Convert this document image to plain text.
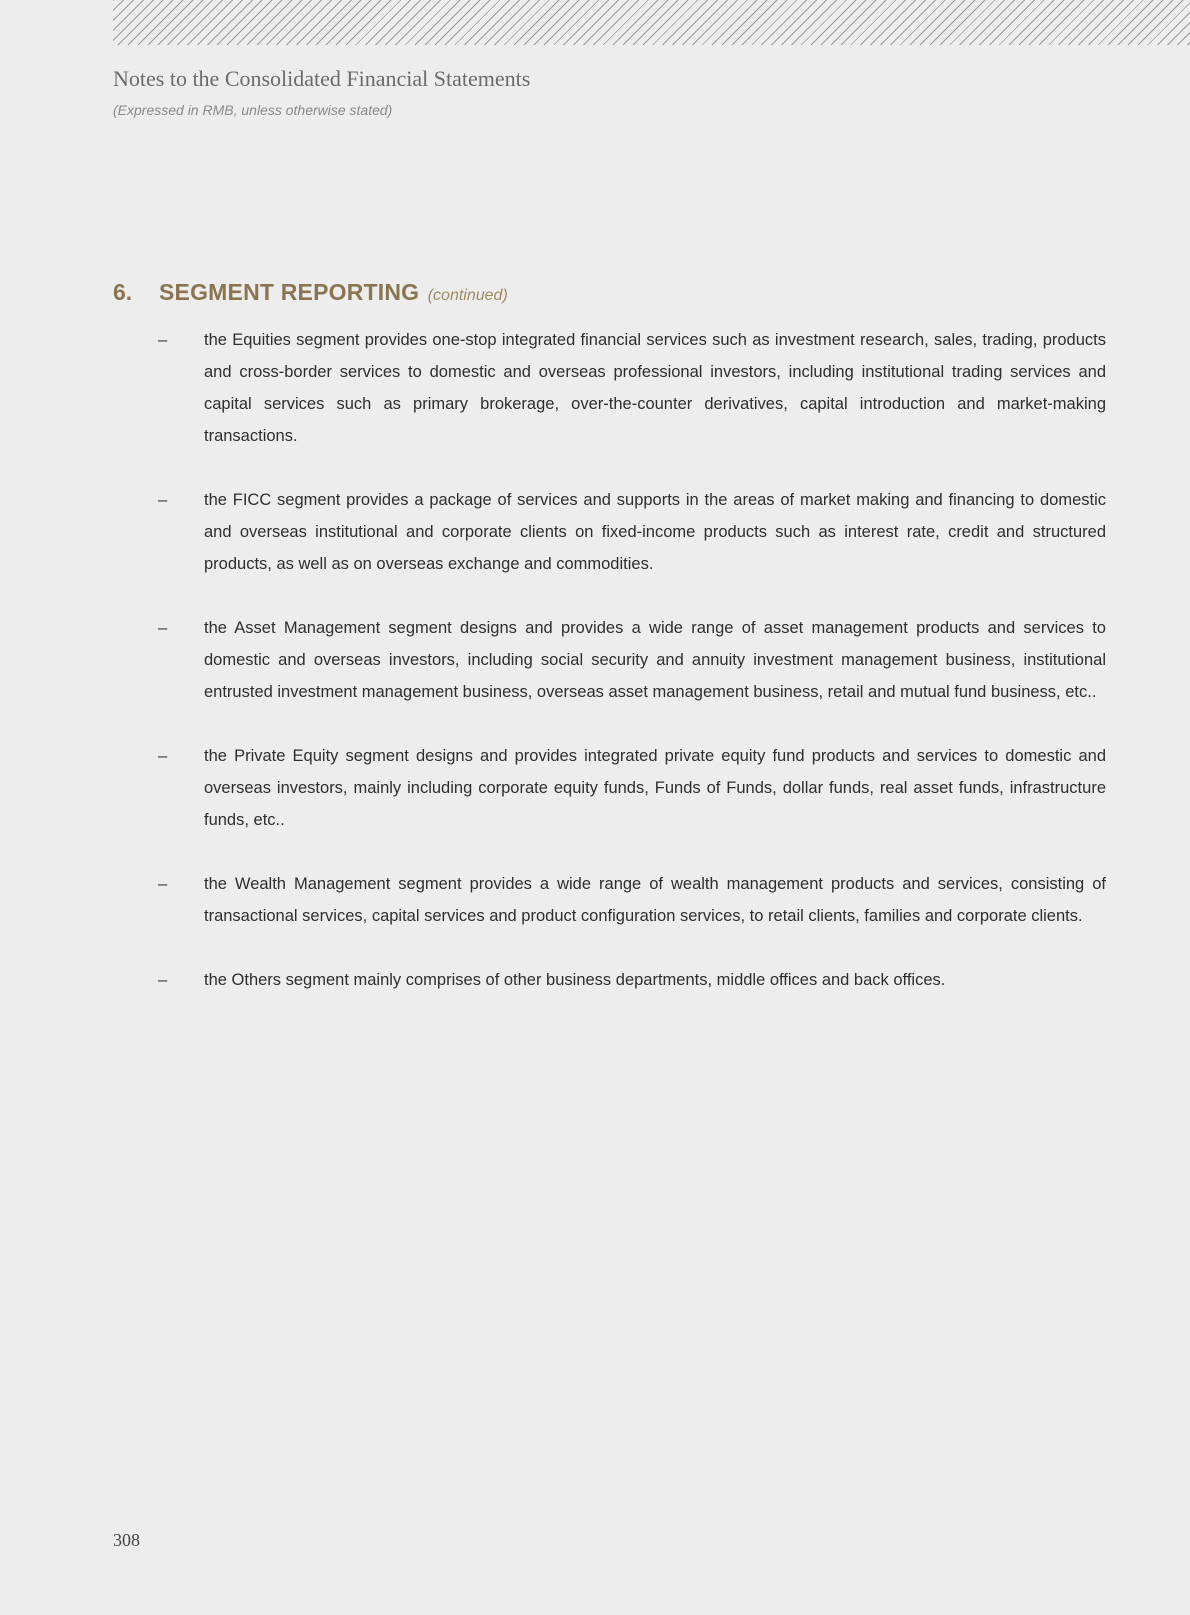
Notes to the Consolidated Financial Statements
(Expressed in RMB, unless otherwise stated)
6. SEGMENT REPORTING (continued)
– the Equities segment provides one-stop integrated financial services such as investment research, sales, trading, products and cross-border services to domestic and overseas professional investors, including institutional trading services and capital services such as primary brokerage, over-the-counter derivatives, capital introduction and market-making transactions.

– the FICC segment provides a package of services and supports in the areas of market making and financing to domestic and overseas institutional and corporate clients on fixed-income products such as interest rate, credit and structured products, as well as on overseas exchange and commodities.

– the Asset Management segment designs and provides a wide range of asset management products and services to domestic and overseas investors, including social security and annuity investment management business, institutional entrusted investment management business, overseas asset management business, retail and mutual fund business, etc..

– the Private Equity segment designs and provides integrated private equity fund products and services to domestic and overseas investors, mainly including corporate equity funds, Funds of Funds, dollar funds, real asset funds, infrastructure funds, etc..

– the Wealth Management segment provides a wide range of wealth management products and services, consisting of transactional services, capital services and product configuration services, to retail clients, families and corporate clients.

– the Others segment mainly comprises of other business departments, middle offices and back offices.

308
